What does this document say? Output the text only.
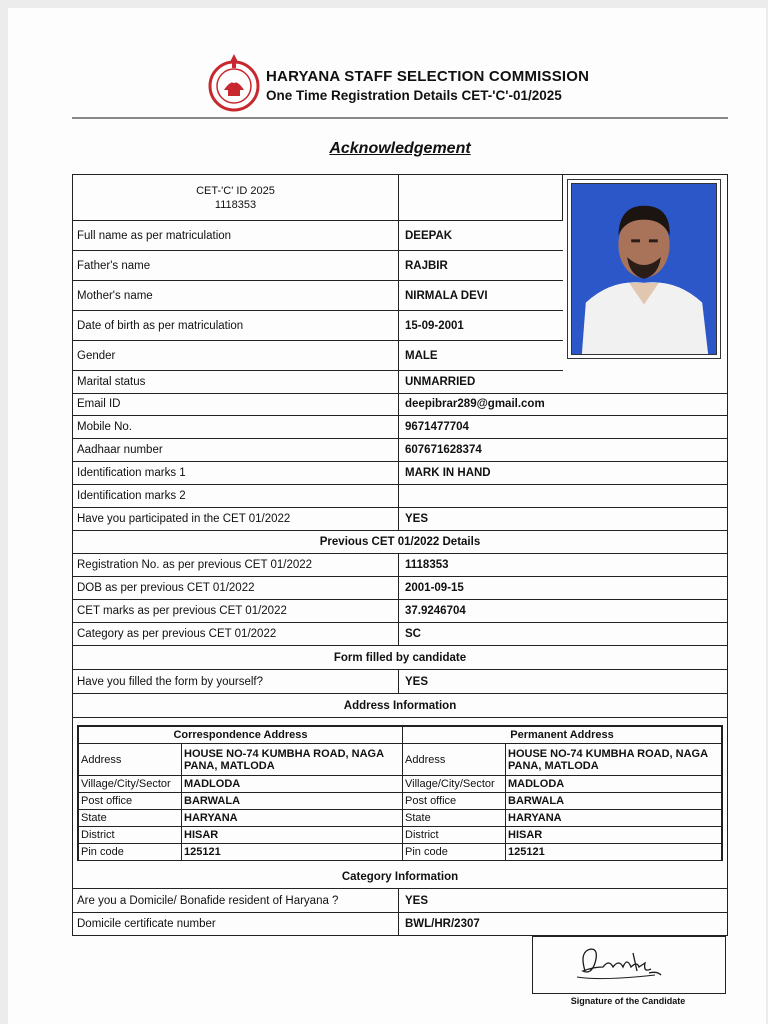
HARYANA STAFF SELECTION COMMISSION
One Time Registration Details CET-'C'-01/2025
Acknowledgement
CET-'C' ID 2025
1118353
Full name as per matriculation	DEEPAK
Father's name	RAJBIR
Mother's name	NIRMALA DEVI
Date of birth as per matriculation	15-09-2001
Gender	MALE
Marital status	UNMARRIED
Email ID	deepibrar289@gmail.com
Mobile No.	9671477704
Aadhaar number	607671628374
Identification marks 1	MARK IN HAND
Identification marks 2
Have you participated in the CET 01/2022	YES
Previous CET 01/2022 Details
Registration No. as per previous CET 01/2022	1118353
DOB as per previous CET 01/2022	2001-09-15
CET marks as per previous CET 01/2022	37.9246704
Category as per previous CET 01/2022	SC
Form filled by candidate
Have you filled the form by yourself?	YES
Address Information
Correspondence Address		Permanent Address	
Address	HOUSE NO-74 KUMBHA ROAD, NAGA PANA, MATLODA	Address	HOUSE NO-74 KUMBHA ROAD, NAGA PANA, MATLODA
Village/City/Sector	MADLODA	Village/City/Sector	MADLODA
Post office	BARWALA	Post office	BARWALA
State	HARYANA	State	HARYANA
District	HISAR	District	HISAR
Pin code	125121	Pin code	125121
Category Information
Are you a Domicile/ Bonafide resident of Haryana ?	YES
Domicile certificate number	BWL/HR/2307
Signature of the Candidate
